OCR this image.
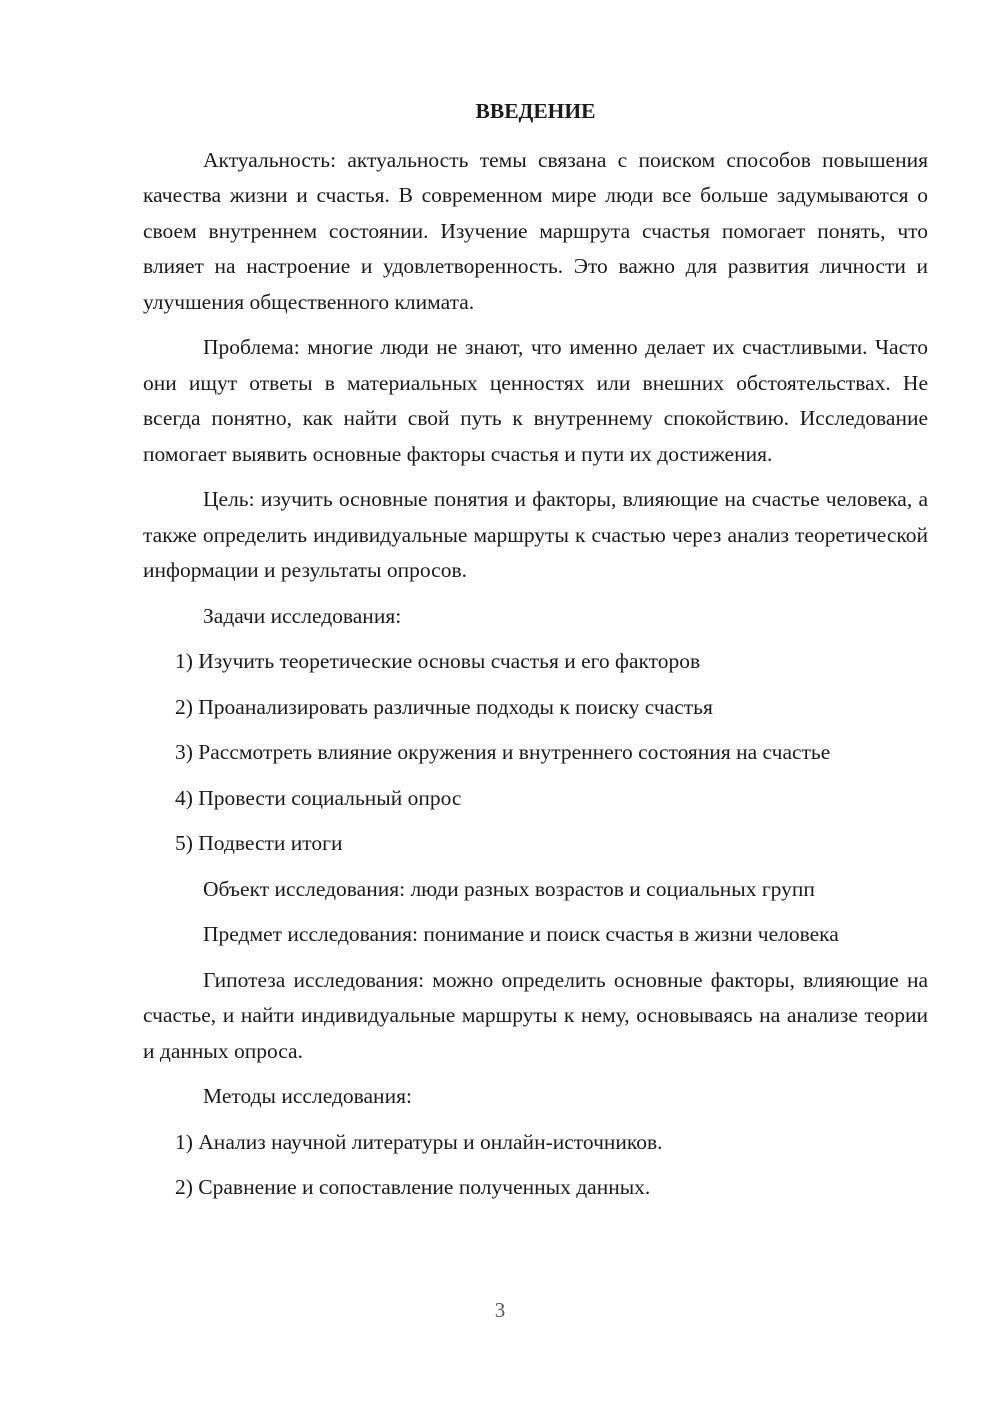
ВВЕДЕНИЕ

Актуальность: актуальность темы связана с поиском способов повышения качества жизни и счастья. В современном мире люди все больше задумываются о своем внутреннем состоянии. Изучение маршрута счастья помогает понять, что влияет на настроение и удовлетворенность. Это важно для развития личности и улучшения общественного климата.

Проблема: многие люди не знают, что именно делает их счастливыми. Часто они ищут ответы в материальных ценностях или внешних обстоятельствах. Не всегда понятно, как найти свой путь к внутреннему спокойствию. Исследование помогает выявить основные факторы счастья и пути их достижения.

Цель: изучить основные понятия и факторы, влияющие на счастье человека, а также определить индивидуальные маршруты к счастью через анализ теоретической информации и результаты опросов.

Задачи исследования:
1) Изучить теоретические основы счастья и его факторов
2) Проанализировать различные подходы к поиску счастья
3) Рассмотреть влияние окружения и внутреннего состояния на счастье
4) Провести социальный опрос
5) Подвести итоги
Объект исследования: люди разных возрастов и социальных групп

Предмет исследования: понимание и поиск счастья в жизни человека

Гипотеза исследования: можно определить основные факторы, влияющие на счастье, и найти индивидуальные маршруты к нему, основываясь на анализе теории и данных опроса.

Методы исследования:
1) Анализ научной литературы и онлайн-источников.
2) Сравнение и сопоставление полученных данных.
3
